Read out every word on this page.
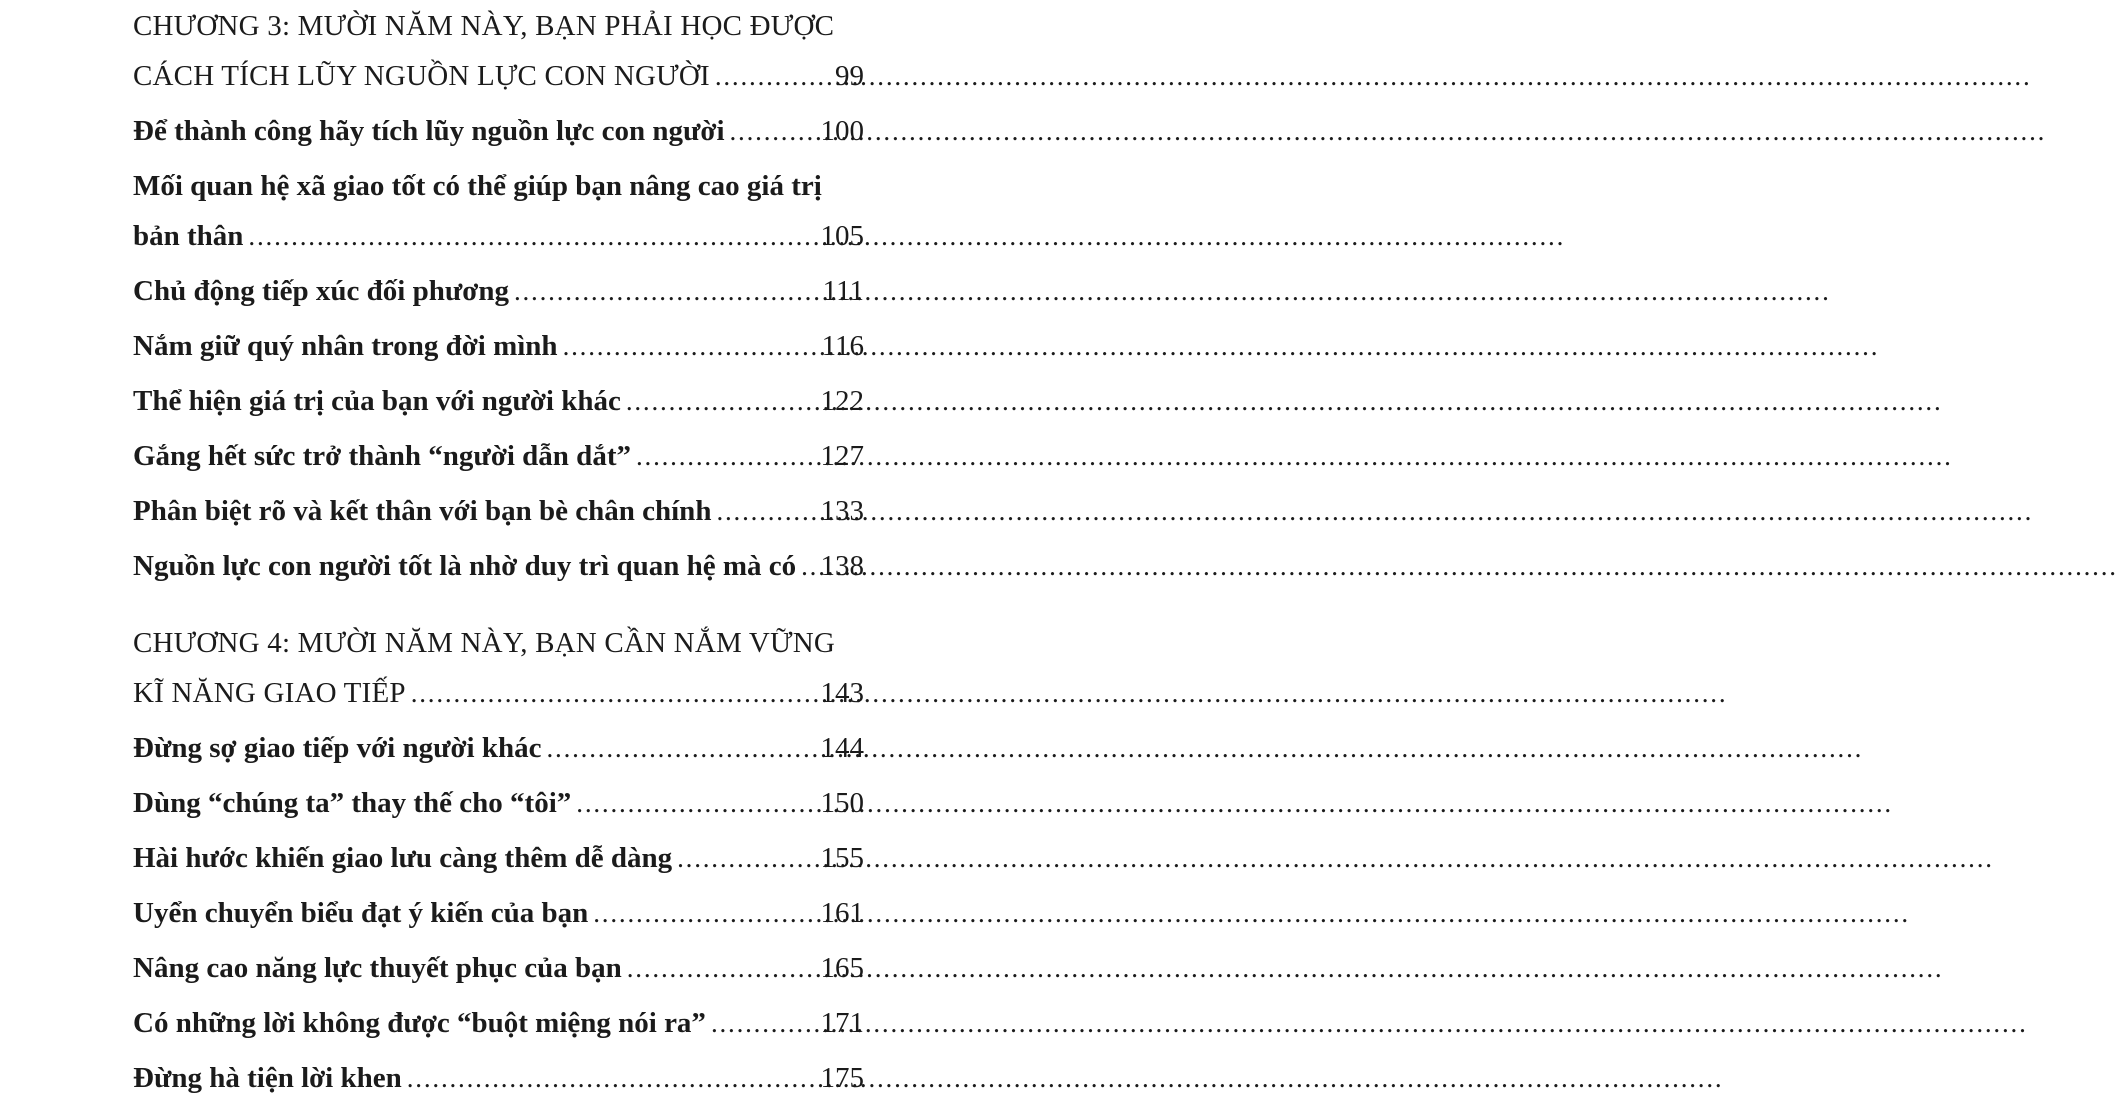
CHƯƠNG 3: MƯỜI NĂM NÀY, BẠN PHẢI HỌC ĐƯỢC
CÁCH TÍCH LŨY NGUỒN LỰC CON NGƯỜI .....	99
Để thành công hãy tích lũy nguồn lực con người .....	100
Mối quan hệ xã giao tốt có thể giúp bạn nâng cao giá trị
bản thân .....	105
Chủ động tiếp xúc đối phương .....	111
Nắm giữ quý nhân trong đời mình .....	116
Thể hiện giá trị của bạn với người khác .....	122
Gắng hết sức trở thành “người dẫn dắt” .....	127
Phân biệt rõ và kết thân với bạn bè chân chính .....	133
Nguồn lực con người tốt là nhờ duy trì quan hệ mà có ..... 138
CHƯƠNG 4: MƯỜI NĂM NÀY, BẠN CẦN NẮM VỮNG
KĨ NĂNG GIAO TIẾP .....	143
Đừng sợ giao tiếp với người khác .....	144
Dùng “chúng ta” thay thế cho “tôi” .....	150
Hài hước khiến giao lưu càng thêm dễ dàng .....	155
Uyển chuyển biểu đạt ý kiến của bạn .....	161
Nâng cao năng lực thuyết phục của bạn .....	165
Có những lời không được “buột miệng nói ra” .....	171
Đừng hà tiện lời khen .....	175
